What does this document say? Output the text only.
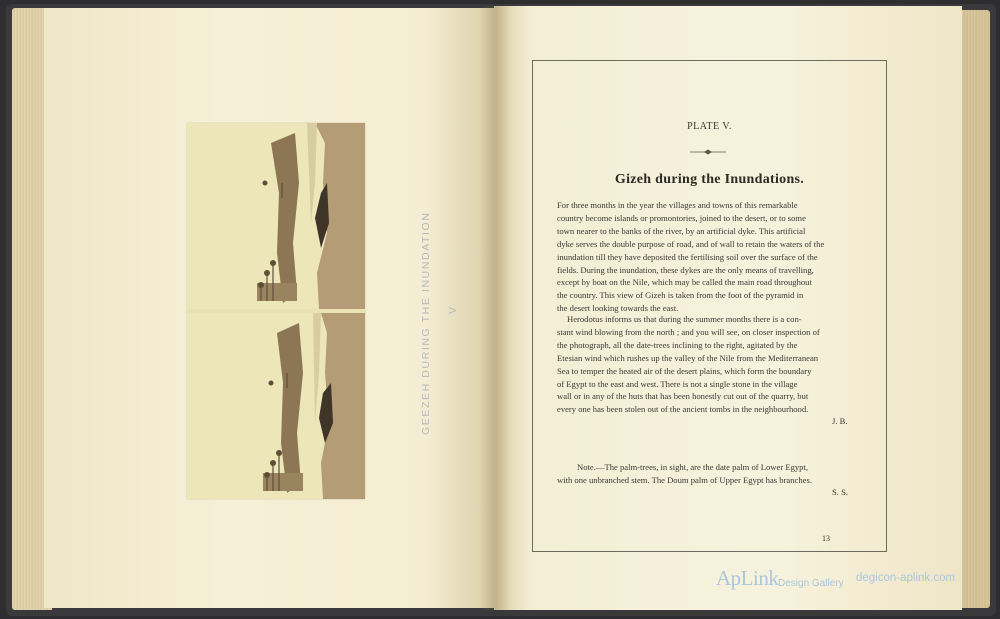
GEEZEH DURING THE INUNDATION V
PLATE V.
Gizeh during the Inundations.
For three months in the year the villages and towns of this remarkable
country become islands or promontories, joined to the desert, or to some
town nearer to the banks of the river, by an artificial dyke. This artificial
dyke serves the double purpose of road, and of wall to retain the waters of the
inundation till they have deposited the fertilising soil over the surface of the
fields. During the inundation, these dykes are the only means of travelling,
except by boat on the Nile, which may be called the main road throughout
the country. This view of Gizeh is taken from the foot of the pyramid in
the desert looking towards the east.
Herodotus informs us that during the summer months there is a con-
stant wind blowing from the north ; and you will see, on closer inspection of
the photograph, all the date-trees inclining to the right, agitated by the
Etesian wind which rushes up the valley of the Nile from the Mediterranean
Sea to temper the heated air of the desert plains, which form the boundary
of Egypt to the east and west. There is not a single stone in the village
wall or in any of the huts that has been honestly cut out of the quarry, but
every one has been stolen out of the ancient tombs in the neighbourhood.
J. B.
Note.—The palm-trees, in sight, are the date palm of Lower Egypt,
with one unbranched stem. The Doum palm of Upper Egypt has branches.
S. S.
13
ApLink Design Gallery degicon-aplink.com
